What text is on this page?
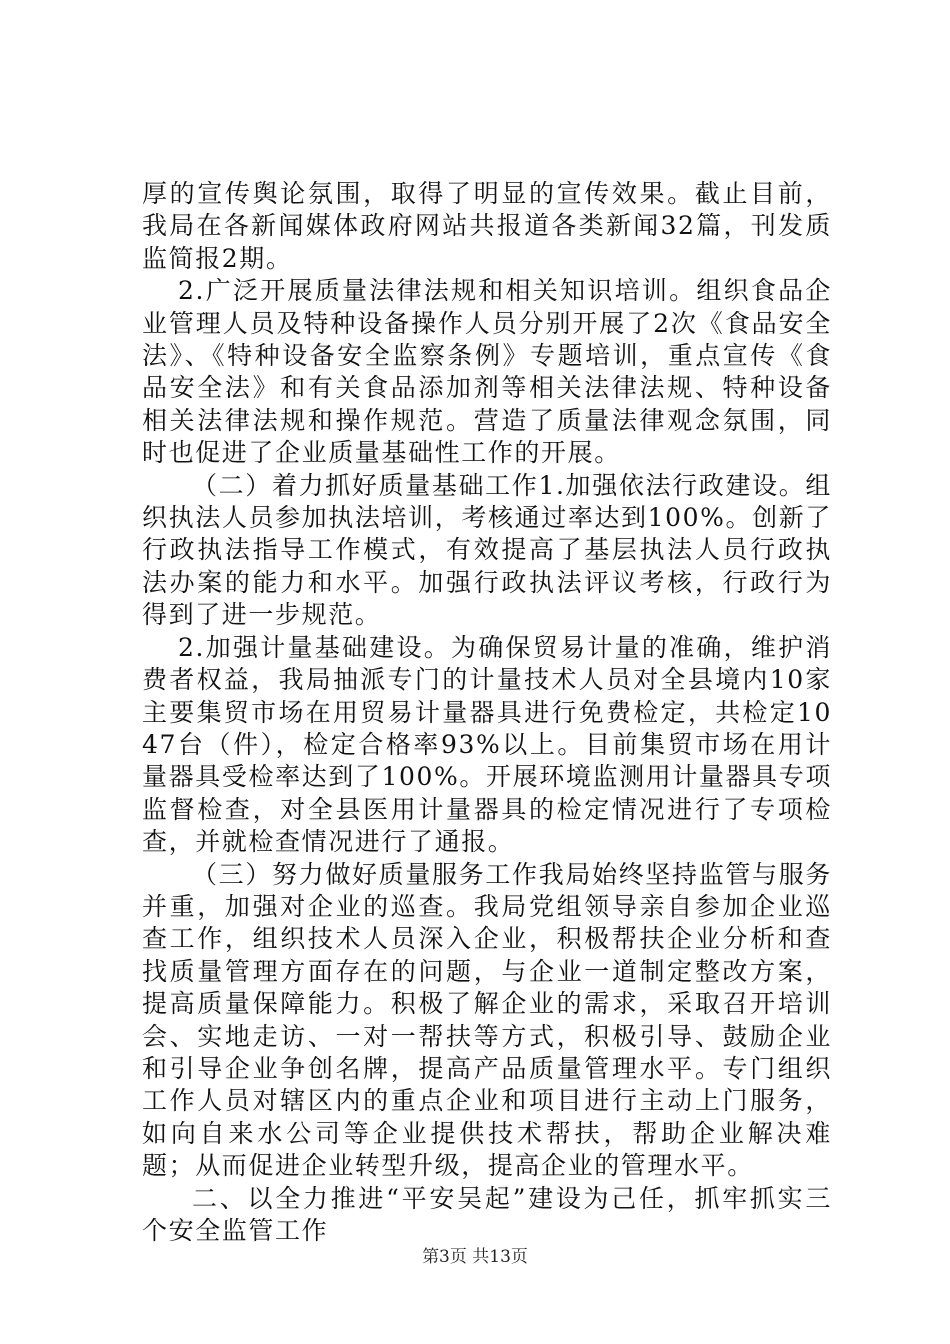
厚的宣传舆论氛围，取得了明显的宣传效果。截止目前，我局在各新闻媒体政府网站共报道各类新闻32篇，刊发质监简报2期。

2.广泛开展质量法律法规和相关知识培训。组织食品企业管理人员及特种设备操作人员分别开展了2次《食品安全法》、《特种设备安全监察条例》专题培训，重点宣传《食品安全法》和有关食品添加剂等相关法律法规、特种设备相关法律法规和操作规范。营造了质量法律观念氛围，同时也促进了企业质量基础性工作的开展。

（二）着力抓好质量基础工作1.加强依法行政建设。组织执法人员参加执法培训，考核通过率达到100%。创新了行政执法指导工作模式，有效提高了基层执法人员行政执法办案的能力和水平。加强行政执法评议考核，行政行为得到了进一步规范。

2.加强计量基础建设。为确保贸易计量的准确，维护消费者权益，我局抽派专门的计量技术人员对全县境内10家主要集贸市场在用贸易计量器具进行免费检定，共检定1047台（件），检定合格率93%以上。目前集贸市场在用计量器具受检率达到了100%。开展环境监测用计量器具专项监督检查，对全县医用计量器具的检定情况进行了专项检查，并就检查情况进行了通报。

（三）努力做好质量服务工作我局始终坚持监管与服务并重，加强对企业的巡查。我局党组领导亲自参加企业巡查工作，组织技术人员深入企业，积极帮扶企业分析和查找质量管理方面存在的问题，与企业一道制定整改方案，提高质量保障能力。积极了解企业的需求，采取召开培训会、实地走访、一对一帮扶等方式，积极引导、鼓励企业和引导企业争创名牌，提高产品质量管理水平。专门组织工作人员对辖区内的重点企业和项目进行主动上门服务，如向自来水公司等企业提供技术帮扶，帮助企业解决难题；从而促进企业转型升级，提高企业的管理水平。

二、以全力推进“平安吴起”建设为己任，抓牢抓实三个安全监管工作

第3页 共13页
